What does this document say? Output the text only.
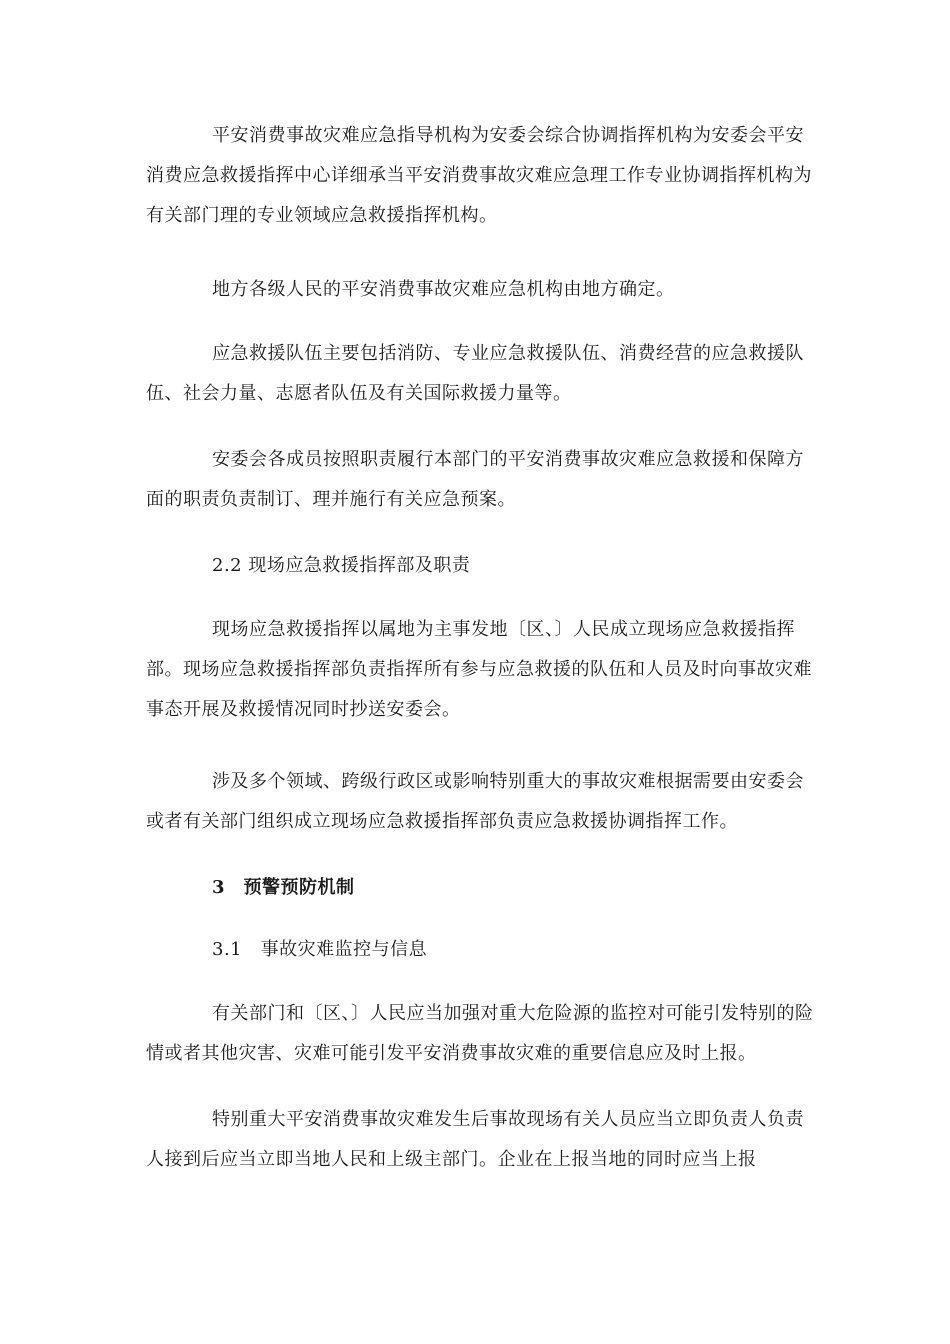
平安消费事故灾难应急指导机构为安委会综合协调指挥机构为安委会平安消费应急救援指挥中心详细承当平安消费事故灾难应急理工作专业协调指挥机构为有关部门理的专业领域应急救援指挥机构。

地方各级人民的平安消费事故灾难应急机构由地方确定。

应急救援队伍主要包括消防、专业应急救援队伍、消费经营的应急救援队伍、社会力量、志愿者队伍及有关国际救援力量等。

安委会各成员按照职责履行本部门的平安消费事故灾难应急救援和保障方面的职责负责制订、理并施行有关应急预案。

2.2 现场应急救援指挥部及职责

现场应急救援指挥以属地为主事发地〔区、〕人民成立现场应急救援指挥部。现场应急救援指挥部负责指挥所有参与应急救援的队伍和人员及时向事故灾难事态开展及救援情况同时抄送安委会。

涉及多个领域、跨级行政区或影响特别重大的事故灾难根据需要由安委会或者有关部门组织成立现场应急救援指挥部负责应急救援协调指挥工作。

3　预警预防机制

3.1　事故灾难监控与信息

有关部门和〔区、〕人民应当加强对重大危险源的监控对可能引发特别的险情或者其他灾害、灾难可能引发平安消费事故灾难的重要信息应及时上报。

特别重大平安消费事故灾难发生后事故现场有关人员应当立即负责人负责人接到后应当立即当地人民和上级主部门。企业在上报当地的同时应当上报
